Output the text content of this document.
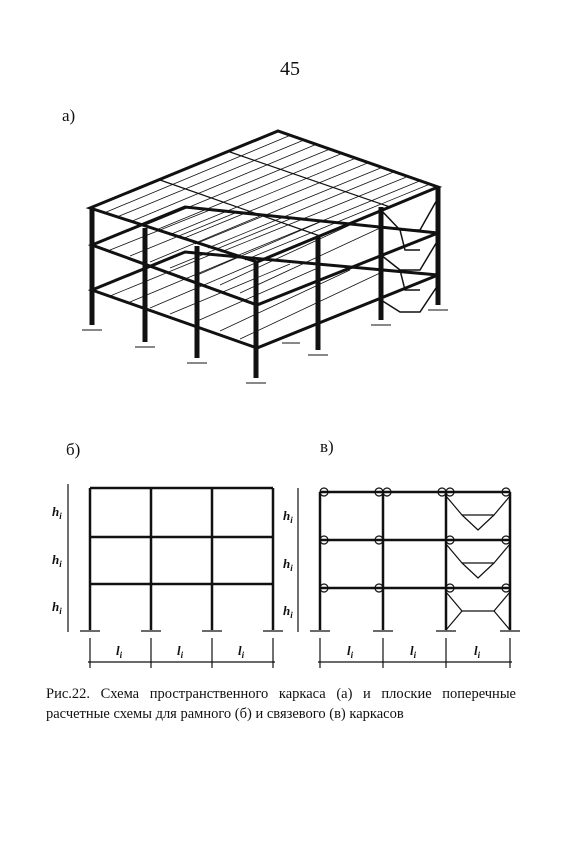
45
а)
б)	в)
$h_i$
$h_i$
$h_i$
$l_i$	$l_i$	$l_i$
$h_i$
$h_i$
$h_i$
$l_i$	$l_i$	$l_i$
Рис.22. Схема пространственного каркаса (а) и плоские поперечные расчетные схемы для рамного (б) и связевого (в) каркасов
